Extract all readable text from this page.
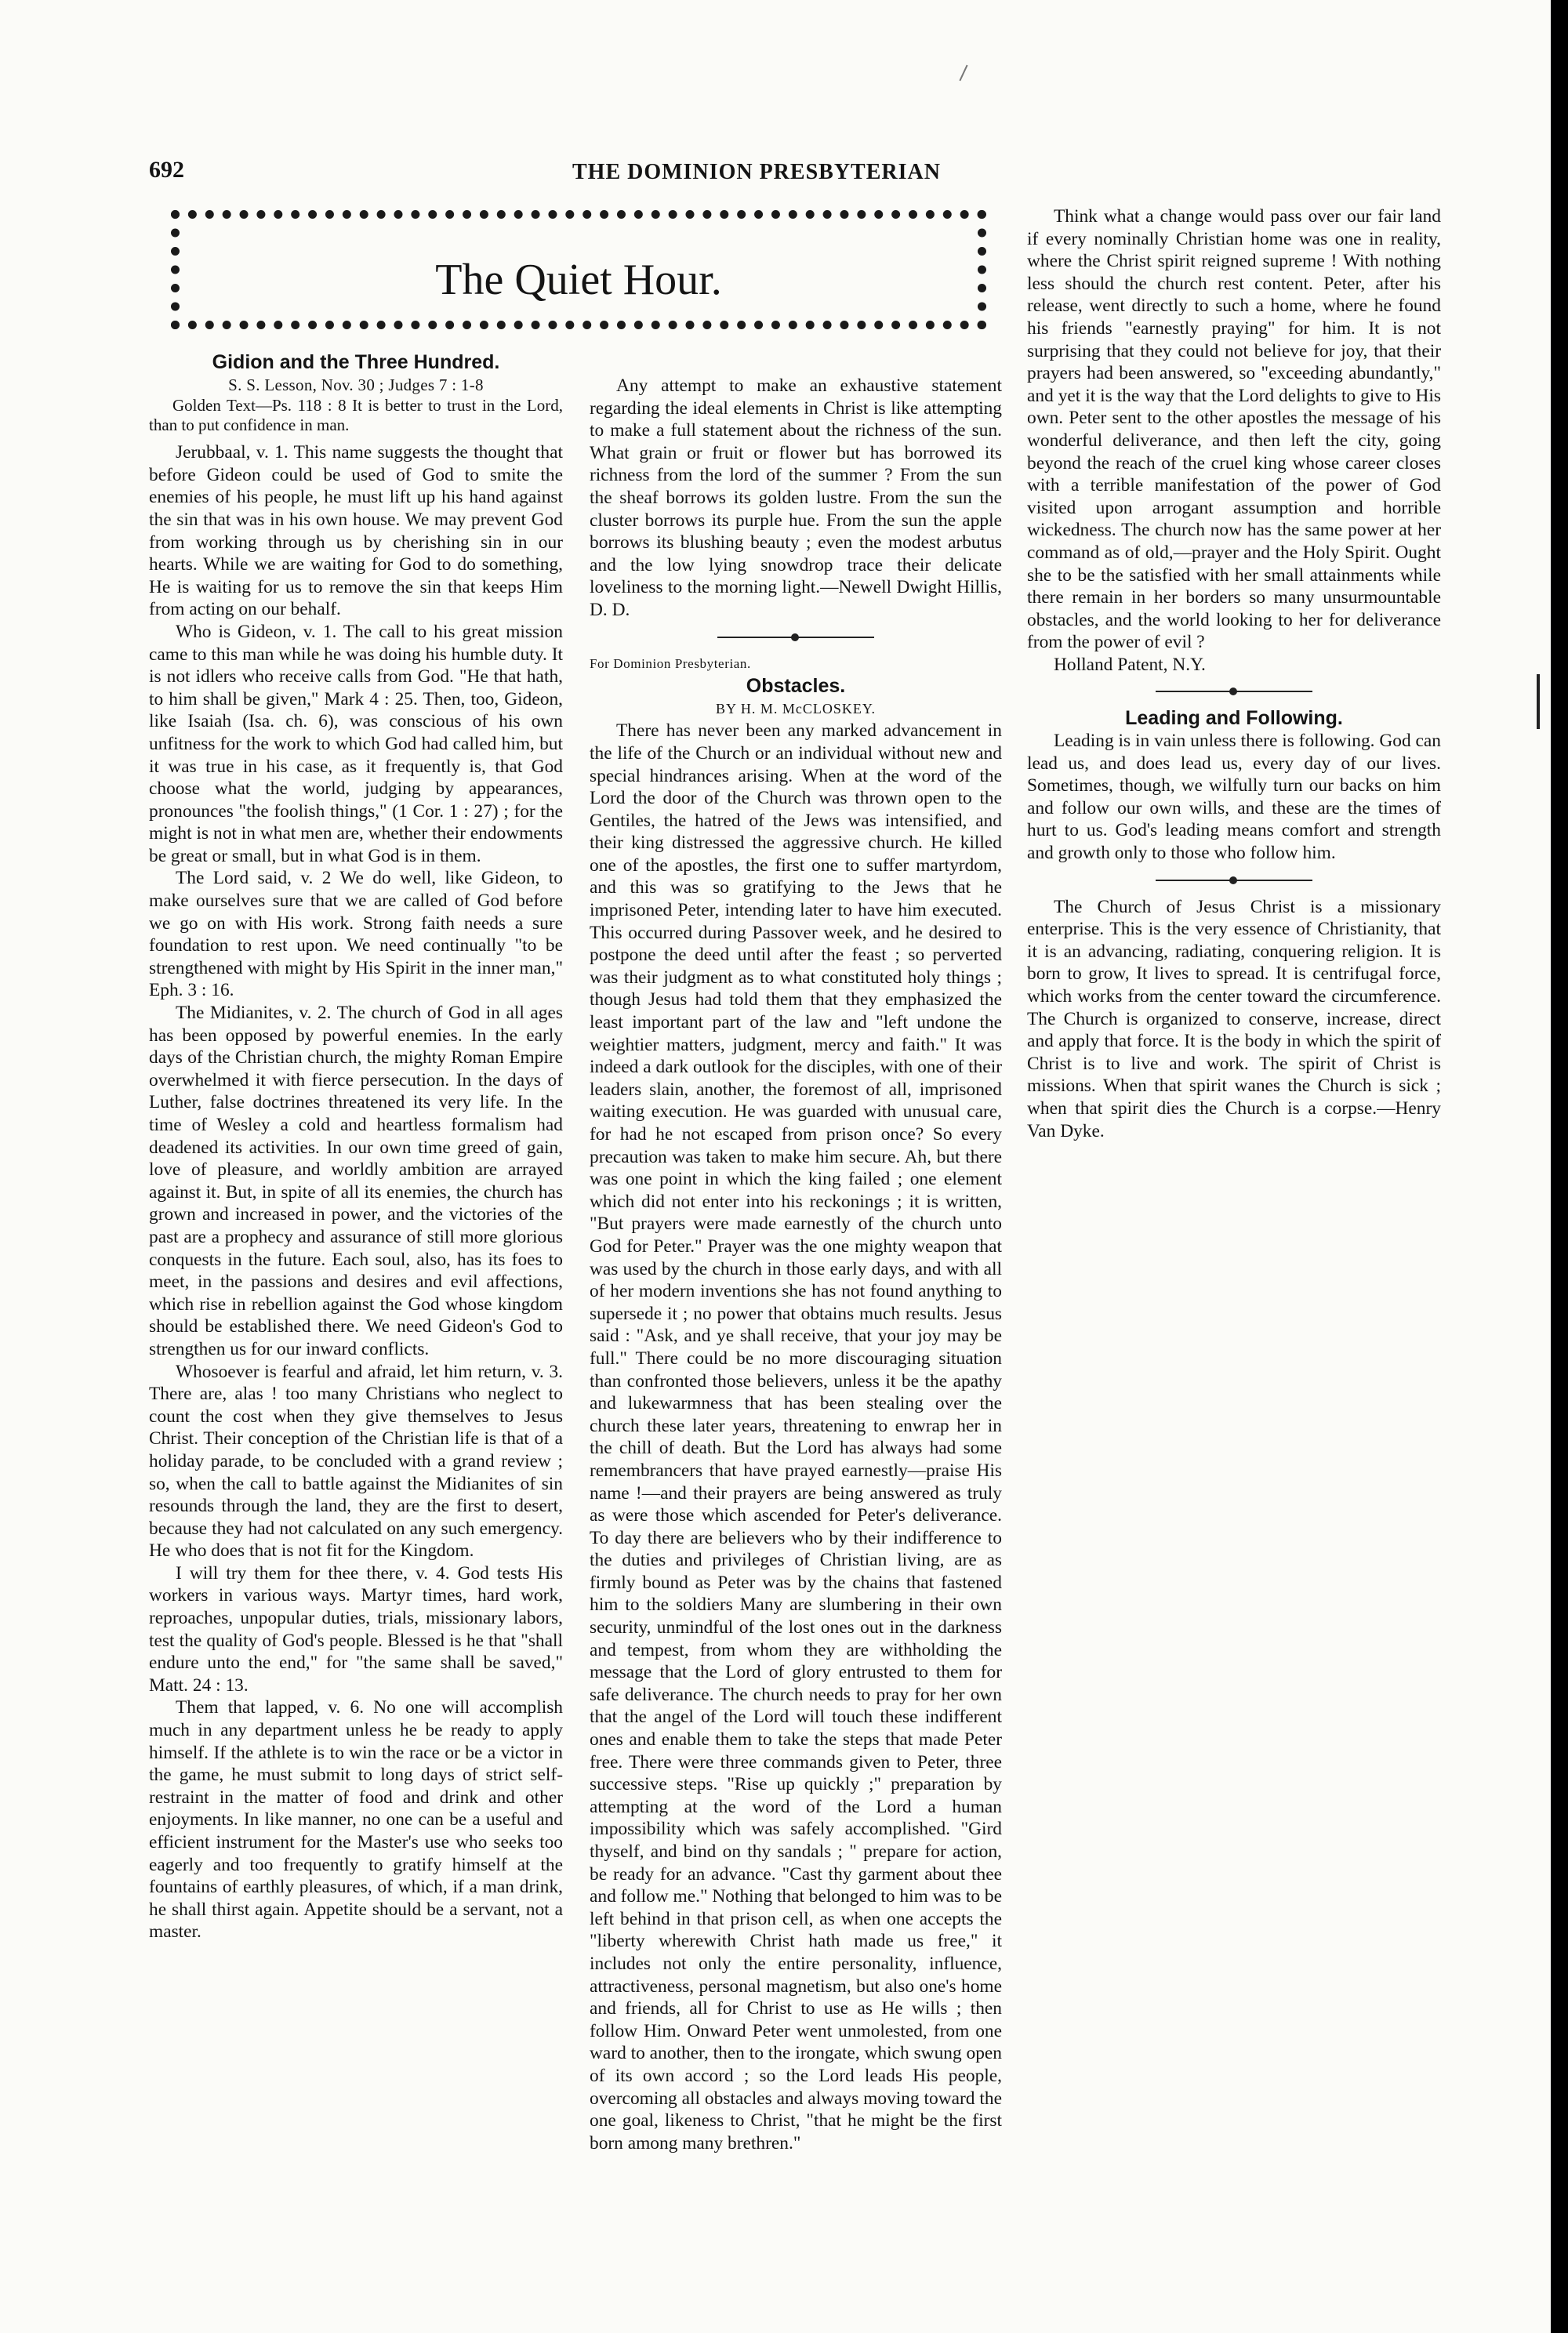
692	THE DOMINION PRESBYTERIAN
The Quiet Hour.

Gidion and the Three Hundred.

S. S. Lesson, Nov. 30 ; Judges 7 : 1-8

Golden Text—Ps. 118 : 8 It is better to trust in the Lord, than to put confidence in man.

Jerubbaal, v. 1. This name suggests the thought that before Gideon could be used of God to smite the enemies of his people, he must lift up his hand against the sin that was in his own house. We may prevent God from working through us by cherishing sin in our hearts. While we are waiting for God to do something, He is waiting for us to remove the sin that keeps Him from acting on our behalf.

Who is Gideon, v. 1. The call to his great mission came to this man while he was doing his humble duty. It is not idlers who receive calls from God. "He that hath, to him shall be given," Mark 4 : 25. Then, too, Gideon, like Isaiah (Isa. ch. 6), was conscious of his own unfitness for the work to which God had called him, but it was true in his case, as it frequently is, that God choose what the world, judging by appearances, pronounces "the foolish things," (1 Cor. 1 : 27) ; for the might is not in what men are, whether their endowments be great or small, but in what God is in them.

The Lord said, v. 2 We do well, like Gideon, to make ourselves sure that we are called of God before we go on with His work. Strong faith needs a sure foundation to rest upon. We need continually "to be strengthened with might by His Spirit in the inner man," Eph. 3 : 16.

The Midianites, v. 2. The church of God in all ages has been opposed by powerful enemies. In the early days of the Christian church, the mighty Roman Empire overwhelmed it with fierce persecution. In the days of Luther, false doctrines threatened its very life. In the time of Wesley a cold and heartless formalism had deadened its activities. In our own time greed of gain, love of pleasure, and worldly ambition are arrayed against it. But, in spite of all its enemies, the church has grown and increased in power, and the victories of the past are a prophecy and assurance of still more glorious conquests in the future. Each soul, also, has its foes to meet, in the passions and desires and evil affections, which rise in rebellion against the God whose kingdom should be established there. We need Gideon's God to strengthen us for our inward conflicts.

Whosoever is fearful and afraid, let him return, v. 3. There are, alas ! too many Christians who neglect to count the cost when they give themselves to Jesus Christ. Their conception of the Christian life is that of a holiday parade, to be concluded with a grand review ; so, when the call to battle against the Midianites of sin resounds through the land, they are the first to desert, because they had not calculated on any such emergency. He who does that is not fit for the Kingdom.

I will try them for thee there, v. 4. God tests His workers in various ways. Martyr times, hard work, reproaches, unpopular duties, trials, missionary labors, test the quality of God's people. Blessed is he that "shall endure unto the end," for "the same shall be saved," Matt. 24 : 13.

Them that lapped, v. 6. No one will accomplish much in any department unless he be ready to apply himself. If the athlete is to win the race or be a victor in the game, he must submit to long days of strict self-restraint in the matter of food and drink and other enjoyments. In like manner, no one can be a useful and efficient instrument for the Master's use who seeks too eagerly and too frequently to gratify himself at the fountains of earthly pleasures, of which, if a man drink, he shall thirst again. Appetite should be a servant, not a master.

Any attempt to make an exhaustive statement regarding the ideal elements in Christ is like attempting to make a full statement about the richness of the sun. What grain or fruit or flower but has borrowed its richness from the lord of the summer ? From the sun the sheaf borrows its golden lustre. From the sun the cluster borrows its purple hue. From the sun the apple borrows its blushing beauty ; even the modest arbutus and the low lying snowdrop trace their delicate loveliness to the morning light.—Newell Dwight Hillis, D. D.

For Dominion Presbyterian.

Obstacles.

BY H. M. McCLOSKEY.

There has never been any marked advancement in the life of the Church or an individual without new and special hindrances arising. When at the word of the Lord the door of the Church was thrown open to the Gentiles, the hatred of the Jews was intensified, and their king distressed the aggressive church. He killed one of the apostles, the first one to suffer martyrdom, and this was so gratifying to the Jews that he imprisoned Peter, intending later to have him executed. This occurred during Passover week, and he desired to postpone the deed until after the feast ; so perverted was their judgment as to what constituted holy things ; though Jesus had told them that they emphasized the least important part of the law and "left undone the weightier matters, judgment, mercy and faith." It was indeed a dark outlook for the disciples, with one of their leaders slain, another, the foremost of all, imprisoned waiting execution. He was guarded with unusual care, for had he not escaped from prison once? So every precaution was taken to make him secure. Ah, but there was one point in which the king failed ; one element which did not enter into his reckonings ; it is written, "But prayers were made earnestly of the church unto God for Peter." Prayer was the one mighty weapon that was used by the church in those early days, and with all of her modern inventions she has not found anything to supersede it ; no power that obtains much results. Jesus said : "Ask, and ye shall receive, that your joy may be full." There could be no more discouraging situation than confronted those believers, unless it be the apathy and lukewarmness that has been stealing over the church these later years, threatening to enwrap her in the chill of death. But the Lord has always had some remembrancers that have prayed earnestly—praise His name !—and their prayers are being answered as truly as were those which ascended for Peter's deliverance. To day there are believers who by their indifference to the duties and privileges of Christian living, are as firmly bound as Peter was by the chains that fastened him to the soldiers Many are slumbering in their own security, unmindful of the lost ones out in the darkness and tempest, from whom they are withholding the message that the Lord of glory entrusted to them for safe deliverance. The church needs to pray for her own that the angel of the Lord will touch these indifferent ones and enable them to take the steps that made Peter free. There were three commands given to Peter, three successive steps. "Rise up quickly ;" preparation by attempting at the word of the Lord a human impossibility which was safely accomplished. "Gird thyself, and bind on thy sandals ; " prepare for action, be ready for an advance. "Cast thy garment about thee and follow me." Nothing that belonged to him was to be left behind in that prison cell, as when one accepts the "liberty wherewith Christ hath made us free," it includes not only the entire personality, influence, attractiveness, personal magnetism, but also one's home and friends, all for Christ to use as He wills ; then follow Him. Onward Peter went unmolested, from one ward to another, then to the irongate, which swung open of its own accord ; so the Lord leads His people, overcoming all obstacles and always moving toward the one goal, likeness to Christ, "that he might be the first born among many brethren."

Think what a change would pass over our fair land if every nominally Christian home was one in reality, where the Christ spirit reigned supreme ! With nothing less should the church rest content. Peter, after his release, went directly to such a home, where he found his friends "earnestly praying" for him. It is not surprising that they could not believe for joy, that their prayers had been answered, so "exceeding abundantly," and yet it is the way that the Lord delights to give to His own. Peter sent to the other apostles the message of his wonderful deliverance, and then left the city, going beyond the reach of the cruel king whose career closes with a terrible manifestation of the power of God visited upon arrogant assumption and horrible wickedness. The church now has the same power at her command as of old,—prayer and the Holy Spirit. Ought she to be the satisfied with her small attainments while there remain in her borders so many unsurmountable obstacles, and the world looking to her for deliverance from the power of evil ?

Holland Patent, N.Y.

Leading and Following.

Leading is in vain unless there is following. God can lead us, and does lead us, every day of our lives. Sometimes, though, we wilfully turn our backs on him and follow our own wills, and these are the times of hurt to us. God's leading means comfort and strength and growth only to those who follow him.

The Church of Jesus Christ is a missionary enterprise. This is the very essence of Christianity, that it is an advancing, radiating, conquering religion. It is born to grow, It lives to spread. It is centrifugal force, which works from the center toward the circumference. The Church is organized to conserve, increase, direct and apply that force. It is the body in which the spirit of Christ is to live and work. The spirit of Christ is missions. When that spirit wanes the Church is sick ; when that spirit dies the Church is a corpse.—Henry Van Dyke.
